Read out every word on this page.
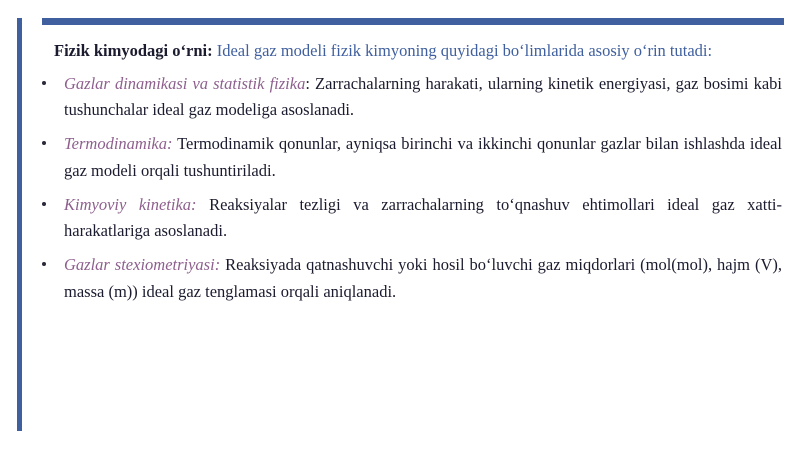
Fizik kimyodagi o‘rni: Ideal gaz modeli fizik kimyoning quyidagi bo‘limlarida asosiy o‘rin tutadi:

Gazlar dinamikasi va statistik fizika: Zarrachalarning harakati, ularning kinetik energiyasi, gaz bosimi kabi tushunchalar ideal gaz modeliga asoslanadi.
Termodinamika: Termodinamik qonunlar, ayniqsa birinchi va ikkinchi qonunlar gazlar bilan ishlashda ideal gaz modeli orqali tushuntiriladi.
Kimyoviy kinetika: Reaksiyalar tezligi va zarrachalarning to‘qnashuv ehtimollari ideal gaz xatti-harakatlariga asoslanadi.
Gazlar stexiometriyasi: Reaksiyada qatnashuvchi yoki hosil bo‘luvchi gaz miqdorlari (mol(mol), hajm (V), massa (m)) ideal gaz tenglamasi orqali aniqlanadi.
